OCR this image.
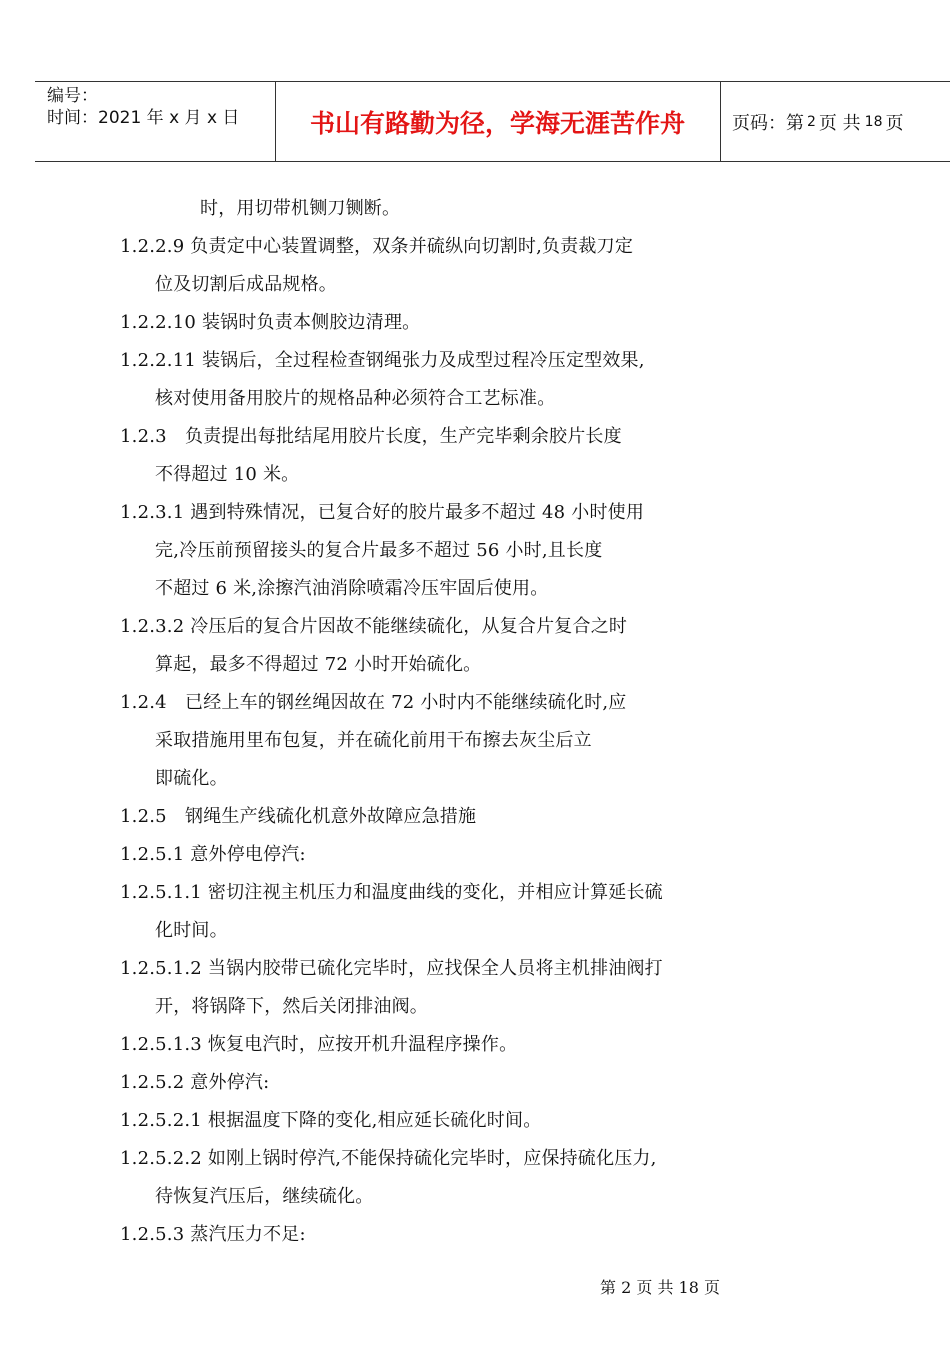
编号：
时间：2021 年 x 月 x 日	书山有路勤为径，学海无涯苦作舟	页码：第 2 页 共 18 页
时，用切带机铡刀铡断。
1.2.2.9 负责定中心装置调整，双条并硫纵向切割时,负责裁刀定
位及切割后成品规格。
1.2.2.10 装锅时负责本侧胶边清理。
1.2.2.11 装锅后，全过程检查钢绳张力及成型过程冷压定型效果,
核对使用备用胶片的规格品种必须符合工艺标准。
1.2.3　负责提出每批结尾用胶片长度，生产完毕剩余胶片长度
不得超过 10 米。
1.2.3.1 遇到特殊情况，已复合好的胶片最多不超过 48 小时使用
完,冷压前预留接头的复合片最多不超过 56 小时,且长度
不超过 6 米,涂擦汽油消除喷霜冷压牢固后使用。
1.2.3.2 冷压后的复合片因故不能继续硫化，从复合片复合之时
算起，最多不得超过 72 小时开始硫化。
1.2.4　已经上车的钢丝绳因故在 72 小时内不能继续硫化时,应
采取措施用里布包复，并在硫化前用干布擦去灰尘后立
即硫化。
1.2.5　钢绳生产线硫化机意外故障应急措施
1.2.5.1 意外停电停汽:
1.2.5.1.1 密切注视主机压力和温度曲线的变化，并相应计算延长硫
化时间。
1.2.5.1.2 当锅内胶带已硫化完毕时，应找保全人员将主机排油阀打
开，将锅降下，然后关闭排油阀。
1.2.5.1.3 恢复电汽时，应按开机升温程序操作。
1.2.5.2 意外停汽:
1.2.5.2.1 根据温度下降的变化,相应延长硫化时间。
1.2.5.2.2 如刚上锅时停汽,不能保持硫化完毕时，应保持硫化压力,
待恢复汽压后，继续硫化。
1.2.5.3 蒸汽压力不足:
第 2 页 共 18 页
